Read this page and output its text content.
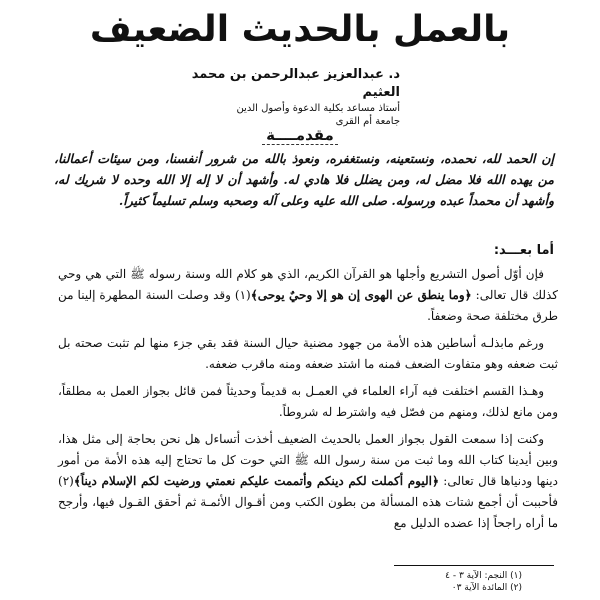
بالعمل بالحديث الضعيف
د. عبدالعزيز عبدالرحمن بن محمد العثيم
أستاذ مساعد بكلية الدعوة وأصول الدين
جامعة أم القرى
مقدمــــة
إن الحمد لله، نحمده، ونستعينه، ونستغفره، ونعوذ بالله من شرور أنفسنا، ومن سيئات أعمالنا، من يهده الله فلا مضل له، ومن يضلل فلا هادي له. وأشهد أن لا إله إلا الله وحده لا شريك له، وأشهد أن محمداً عبده ورسوله. صلى الله عليه وعلى آله وصحبه وسلم تسليماً كثيراً.
أما بعـــد:

فإن أوّل أصول التشريع وأجلها هو القرآن الكريم، الذي هو كلام الله وسنة رسوله ﷺ التي هي وحي كذلك قال تعالى: ﴿وما ينطق عن الهوى إن هو إلا وحيٌ يوحى﴾(١) وقد وصلت السنة المطهرة إلينا من طرق مختلفة صحة وضعفاً.

ورغم مابذلـه أساطين هذه الأمة من جهود مضنية حيال السنة فقد بقي جزء منها لم تثبت صحته بل ثبت ضعفه وهو متفاوت الضعف فمنه ما اشتد ضعفه ومنه ماقرب ضعفه.

وهـذا القسم اختلفت فيه آراء العلماء في العمـل به قديماً وحديثاً فمن قائل بجواز العمل به مطلقاً، ومن مانع لذلك، ومنهم من فصّل فيه واشترط له شروطاً.

وكنت إذا سمعت القول بجواز العمل بالحديث الضعيف أخذت أتساءل هل نحن بحاجة إلى مثل هذا، وبين أيدينا كتاب الله وما ثبت من سنة رسول الله ﷺ التي حوت كل ما تحتاج إليه هذه الأمة من أمور دينها ودنياها قال تعالى: ﴿اليوم أكملت لكم دينكم وأتممت عليكم نعمتي ورضيت لكم الإسلام ديناً﴾(٢) فأحببت أن أجمع شتات هذه المسألة من بطون الكتب ومن أقـوال الأئمـة ثم أحقق القـول فيها، وأرجح ما أراه راجحاً إذا عضده الدليل مع

(١) النجم: الآية ٣ - ٤
(٢) المائدة الآية ٠٣
